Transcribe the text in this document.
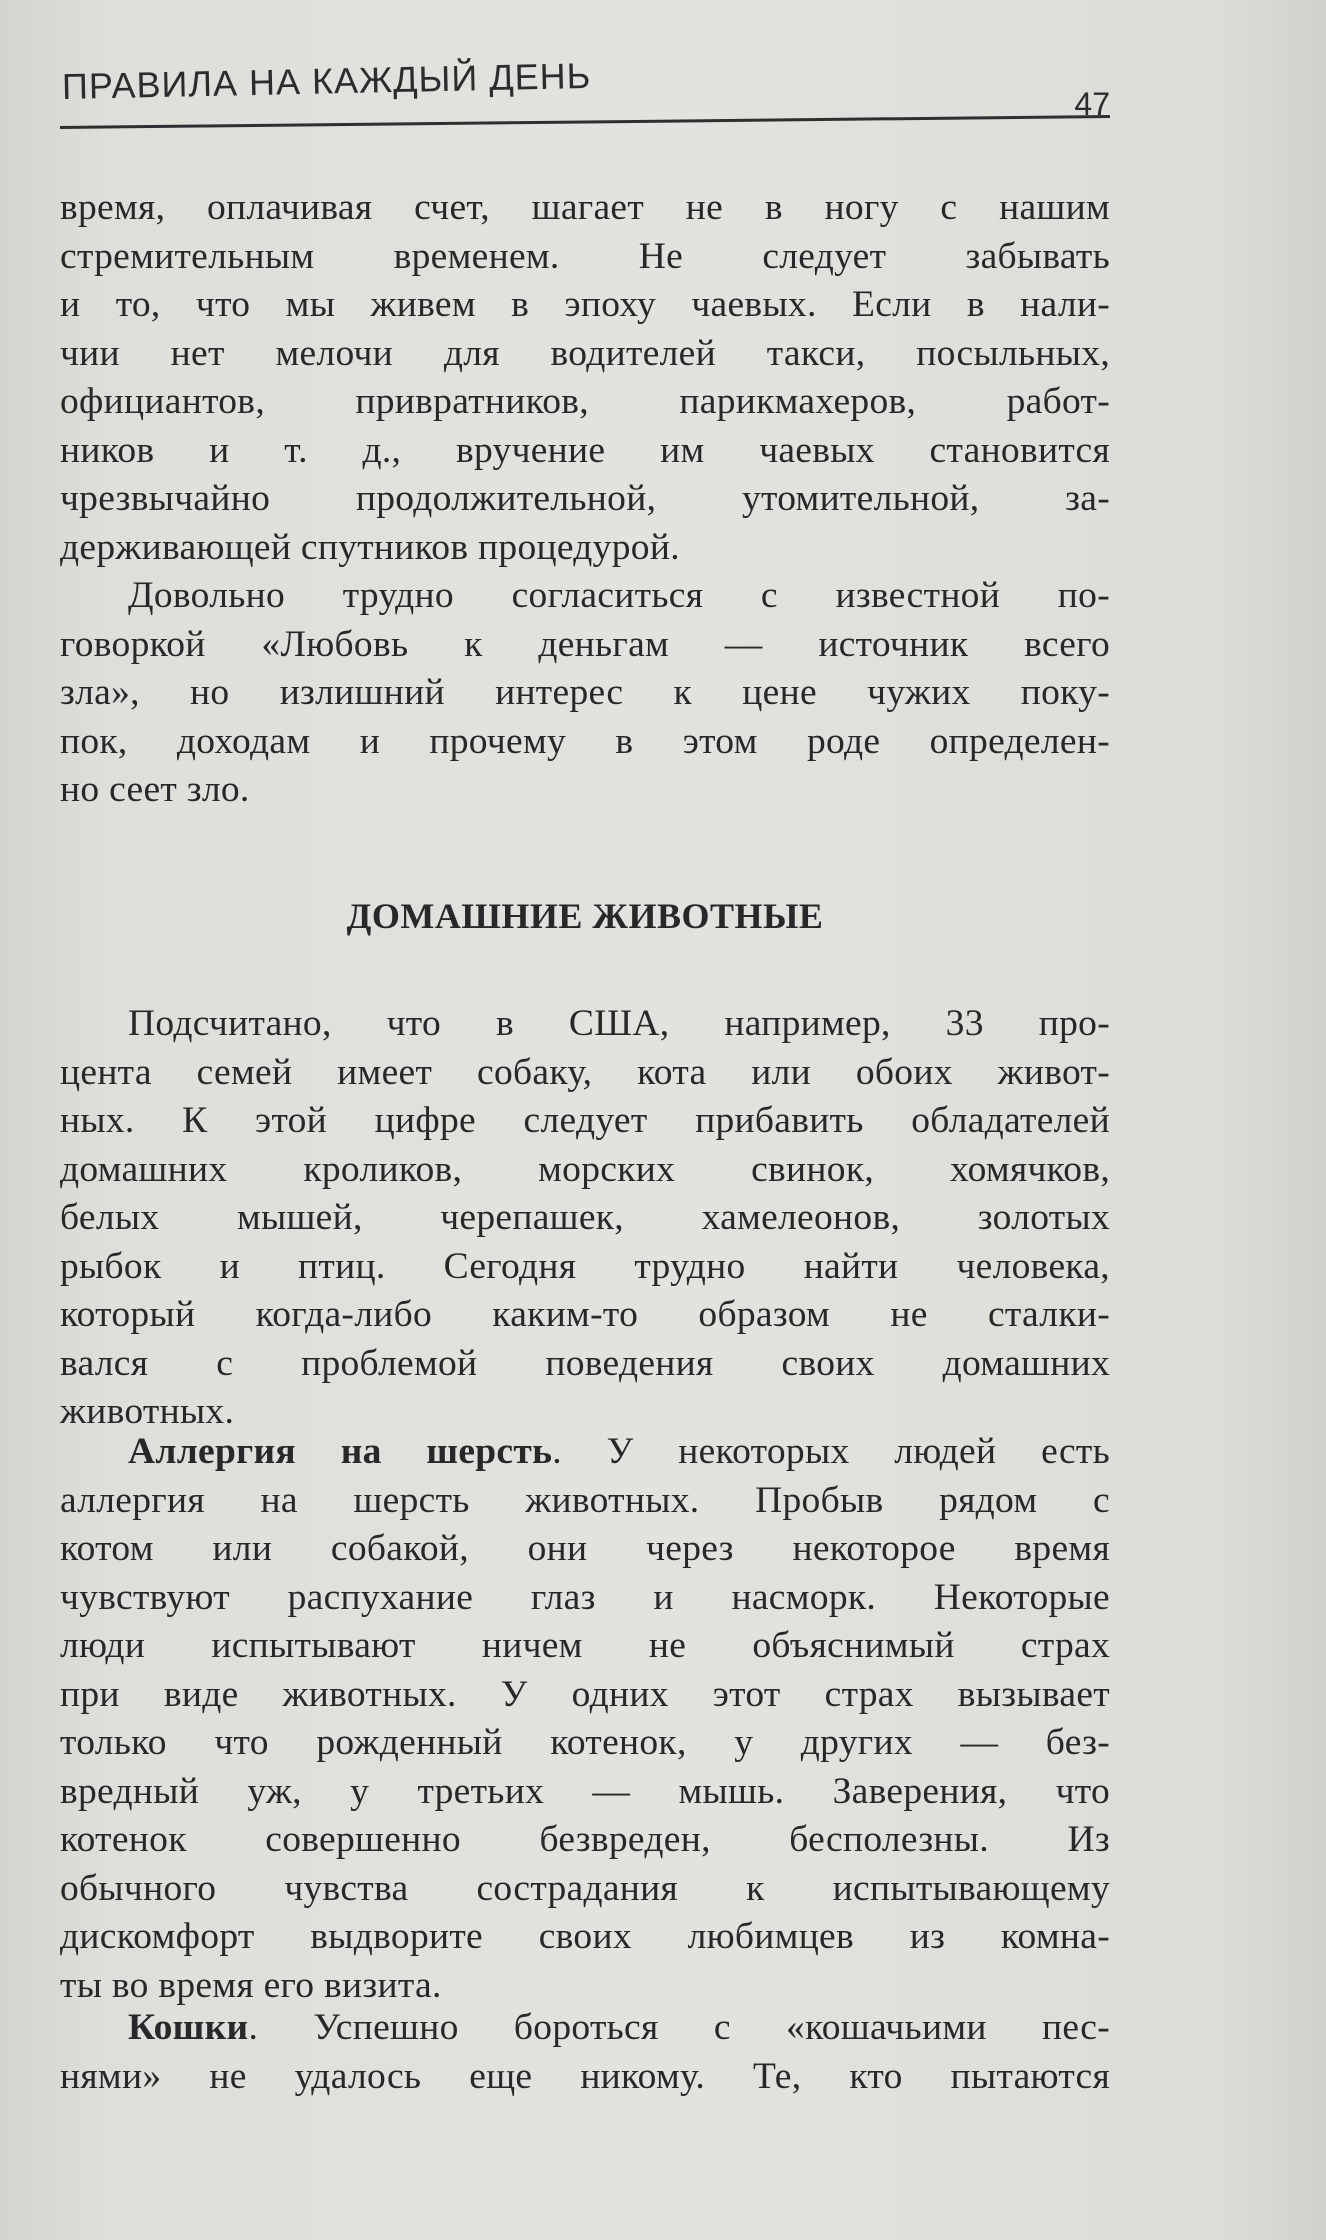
ПРАВИЛА НА КАЖДЫЙ ДЕНЬ	47
время, оплачивая счет, шагает не в ногу с нашим
стремительным временем. Не следует забывать
и то, что мы живем в эпоху чаевых. Если в нали-
чии нет мелочи для водителей такси, посыльных,
официантов, привратников, парикмахеров, работ-
ников и т. д., вручение им чаевых становится
чрезвычайно продолжительной, утомительной, за-
держивающей спутников процедурой.
Довольно трудно согласиться с известной по-
говоркой «Любовь к деньгам — источник всего
зла», но излишний интерес к цене чужих поку-
пок, доходам и прочему в этом роде определен-
но сеет зло.
ДОМАШНИЕ ЖИВОТНЫЕ
Подсчитано, что в США, например, 33 про-
цента семей имеет собаку, кота или обоих живот-
ных. К этой цифре следует прибавить обладателей
домашних кроликов, морских свинок, хомячков,
белых мышей, черепашек, хамелеонов, золотых
рыбок и птиц. Сегодня трудно найти человека,
который когда-либо каким-то образом не сталки-
вался с проблемой поведения своих домашних
животных.
Аллергия на шерсть. У некоторых людей есть
аллергия на шерсть животных. Пробыв рядом с
котом или собакой, они через некоторое время
чувствуют распухание глаз и насморк. Некоторые
люди испытывают ничем не объяснимый страх
при виде животных. У одних этот страх вызывает
только что рожденный котенок, у других — без-
вредный уж, у третьих — мышь. Заверения, что
котенок совершенно безвреден, бесполезны. Из
обычного чувства сострадания к испытывающему
дискомфорт выдворите своих любимцев из комна-
ты во время его визита.
Кошки. Успешно бороться с «кошачьими пес-
нями» не удалось еще никому. Те, кто пытаются
